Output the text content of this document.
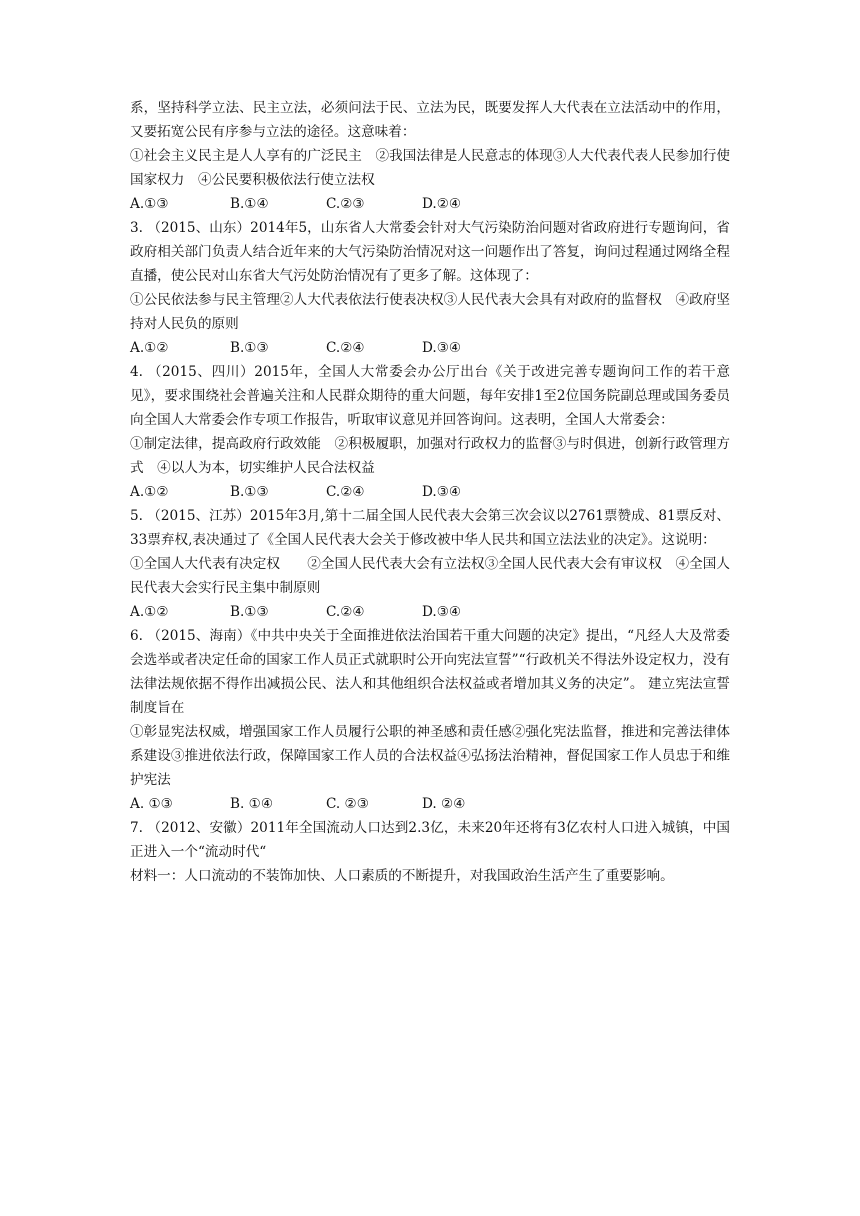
系，坚持科学立法、民主立法，必须问法于民、立法为民，既要发挥人大代表在立法活动中的作用，又要拓宽公民有序参与立法的途径。这意味着：

①社会主义民主是人人享有的广泛民主　②我国法律是人民意志的体现③人大代表代表人民参加行使国家权力　④公民要积极依法行使立法权

A.①③	B.①④	C.②③	D.②④

3. （2015、山东）2014年5，山东省人大常委会针对大气污染防治问题对省政府进行专题询问，省政府相关部门负责人结合近年来的大气污染防治情况对这一问题作出了答复，询问过程通过网络全程直播，使公民对山东省大气污处防治情况有了更多了解。这体现了：

①公民依法参与民主管理②人大代表依法行使表决权③人民代表大会具有对政府的监督权　④政府坚持对人民负的原则

A.①②	B.①③	C.②④	D.③④

4. （2015、四川）2015年，全国人大常委会办公厅出台《关于改进完善专题询问工作的若干意见》，要求围绕社会普遍关注和人民群众期待的重大问题，每年安排1至2位国务院副总理或国务委员向全国人大常委会作专项工作报告，听取审议意见并回答询问。这表明，全国人大常委会：

①制定法律，提高政府行政效能　②积极履职，加强对行政权力的监督③与时俱进，创新行政管理方式　④以人为本，切实维护人民合法权益

A.①②	B.①③	C.②④	D.③④

5. （2015、江苏）2015年3月,第十二届全国人民代表大会第三次会议以2761票赞成、81票反对、33票弃权,表决通过了《全国人民代表大会关于修改被中华人民共和国立法法业的决定》。这说明：

①全国人大代表有决定权　　②全国人民代表大会有立法权③全国人民代表大会有审议权　④全国人民代表大会实行民主集中制原则

A.①②	B.①③	C.②④	D.③④

6. （2015、海南）《中共中央关于全面推进依法治国若干重大问题的决定》提出，“凡经人大及常委会选举或者决定任命的国家工作人员正式就职时公开向宪法宣誓”“行政机关不得法外设定权力，没有法律法规依据不得作出减损公民、法人和其他组织合法权益或者增加其义务的决定”。 建立宪法宣誓制度旨在

①彰显宪法权威，增强国家工作人员履行公职的神圣感和责任感②强化宪法监督，推进和完善法律体系建设③推进依法行政，保障国家工作人员的合法权益④弘扬法治精神，督促国家工作人员忠于和维护宪法

A. ①③	B. ①④	C. ②③	D. ②④

7. （2012、安徽）2011年全国流动人口达到2.3亿，未来20年还将有3亿农村人口进入城镇，中国正进入一个“流动时代“

材料一：人口流动的不装饰加快、人口素质的不断提升，对我国政治生活产生了重要影响。
